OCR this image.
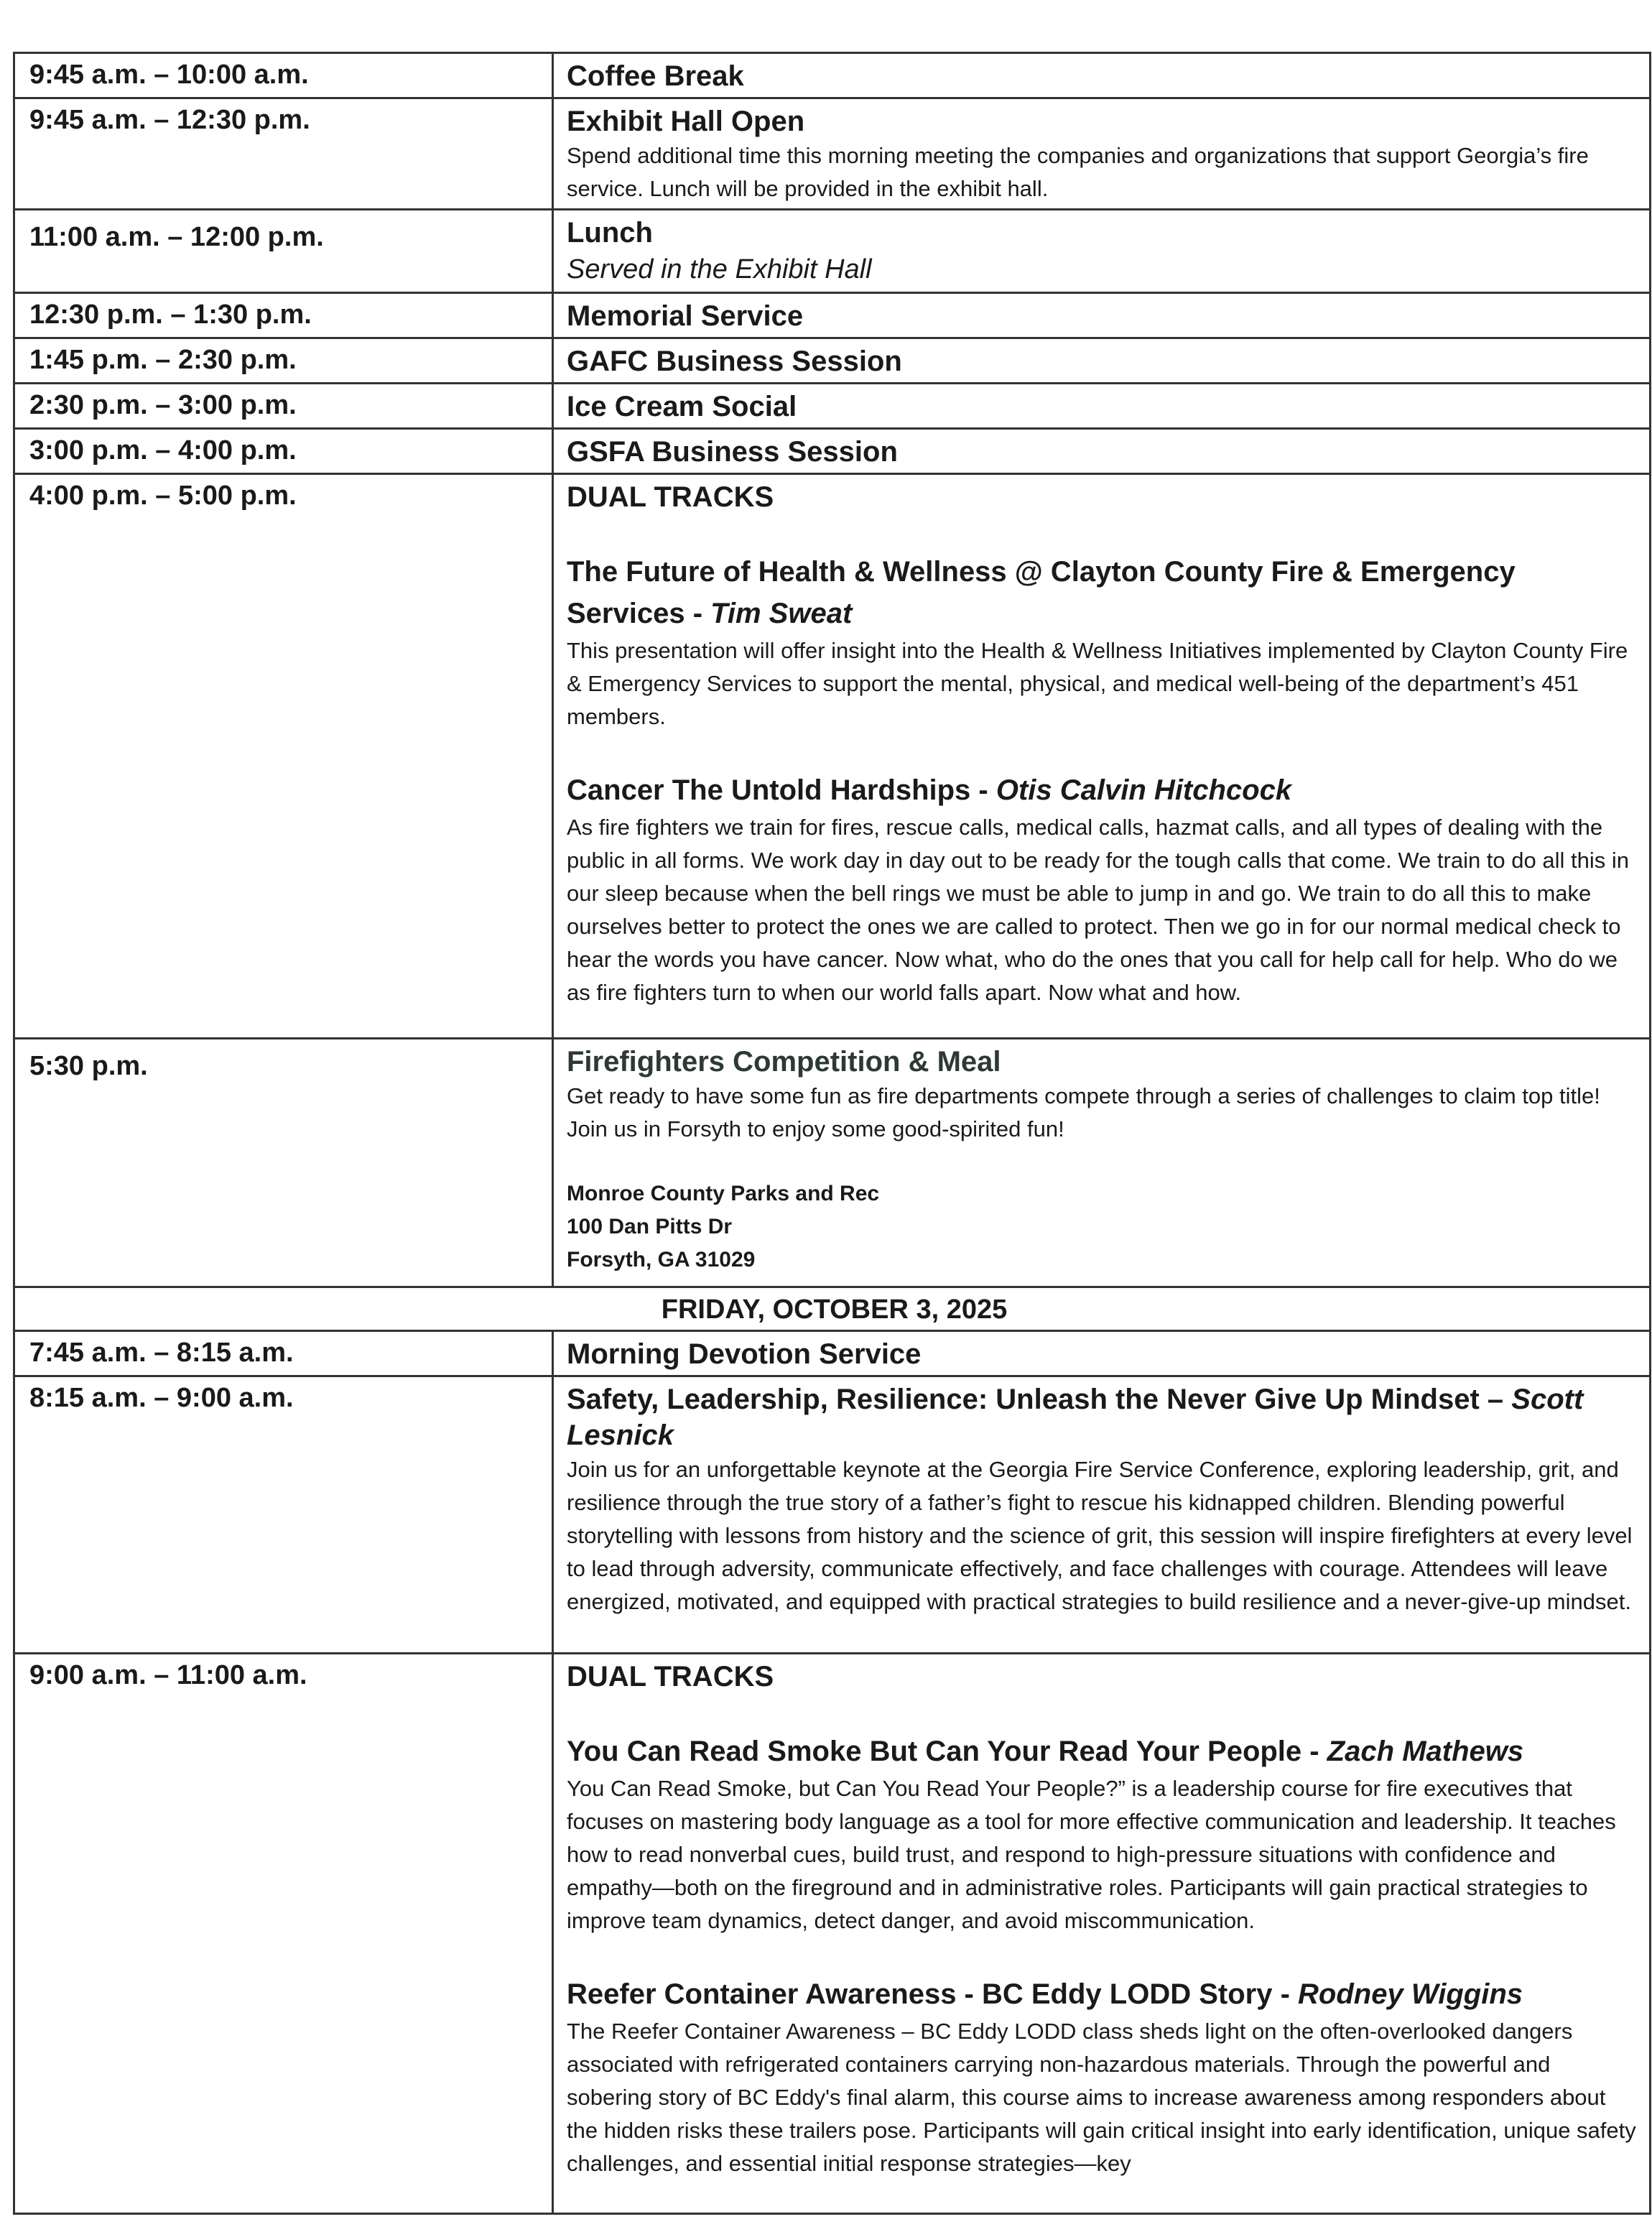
9:45 a.m. – 10:00 a.m.	Coffee Break

9:45 a.m. – 12:30 p.m.	Exhibit Hall Open
Spend additional time this morning meeting the companies and organizations that support Georgia’s fire service. Lunch will be provided in the exhibit hall.

11:00 a.m. – 12:00 p.m.	Lunch
Served in the Exhibit Hall

12:30 p.m. – 1:30 p.m.	Memorial Service

1:45 p.m. – 2:30 p.m.	GAFC Business Session

2:30 p.m. – 3:00 p.m.	Ice Cream Social

3:00 p.m. – 4:00 p.m.	GSFA Business Session

4:00 p.m. – 5:00 p.m.	DUAL TRACKS
The Future of Health & Wellness @ Clayton County Fire & Emergency Services - Tim Sweat
This presentation will offer insight into the Health & Wellness Initiatives implemented by Clayton County Fire & Emergency Services to support the mental, physical, and medical well-being of the department’s 451 members.
Cancer The Untold Hardships - Otis Calvin Hitchcock
As fire fighters we train for fires, rescue calls, medical calls, hazmat calls, and all types of dealing with the public in all forms. We work day in day out to be ready for the tough calls that come. We train to do all this in our sleep because when the bell rings we must be able to jump in and go. We train to do all this to make ourselves better to protect the ones we are called to protect. Then we go in for our normal medical check to hear the words you have cancer. Now what, who do the ones that you call for help call for help. Who do we as fire fighters turn to when our world falls apart. Now what and how.

5:30 p.m.	Firefighters Competition & Meal
Get ready to have some fun as fire departments compete through a series of challenges to claim top title! Join us in Forsyth to enjoy some good-spirited fun!
Monroe County Parks and Rec
100 Dan Pitts Dr
Forsyth, GA 31029

FRIDAY, OCTOBER 3, 2025	
7:45 a.m. – 8:15 a.m.	Morning Devotion Service

8:15 a.m. – 9:00 a.m.	Safety, Leadership, Resilience: Unleash the Never Give Up Mindset – Scott Lesnick
Join us for an unforgettable keynote at the Georgia Fire Service Conference, exploring leadership, grit, and resilience through the true story of a father’s fight to rescue his kidnapped children. Blending powerful storytelling with lessons from history and the science of grit, this session will inspire firefighters at every level to lead through adversity, communicate effectively, and face challenges with courage. Attendees will leave energized, motivated, and equipped with practical strategies to build resilience and a never-give-up mindset.

9:00 a.m. – 11:00 a.m.	DUAL TRACKS
You Can Read Smoke But Can Your Read Your People - Zach Mathews
You Can Read Smoke, but Can You Read Your People?” is a leadership course for fire executives that focuses on mastering body language as a tool for more effective communication and leadership. It teaches how to read nonverbal cues, build trust, and respond to high-pressure situations with confidence and empathy—both on the fireground and in administrative roles. Participants will gain practical strategies to improve team dynamics, detect danger, and avoid miscommunication.
Reefer Container Awareness - BC Eddy LODD Story - Rodney Wiggins
The Reefer Container Awareness – BC Eddy LODD class sheds light on the often-overlooked dangers associated with refrigerated containers carrying non-hazardous materials. Through the powerful and sobering story of BC Eddy's final alarm, this course aims to increase awareness among responders about the hidden risks these trailers pose. Participants will gain critical insight into early identification, unique safety challenges, and essential initial response strategies—key
